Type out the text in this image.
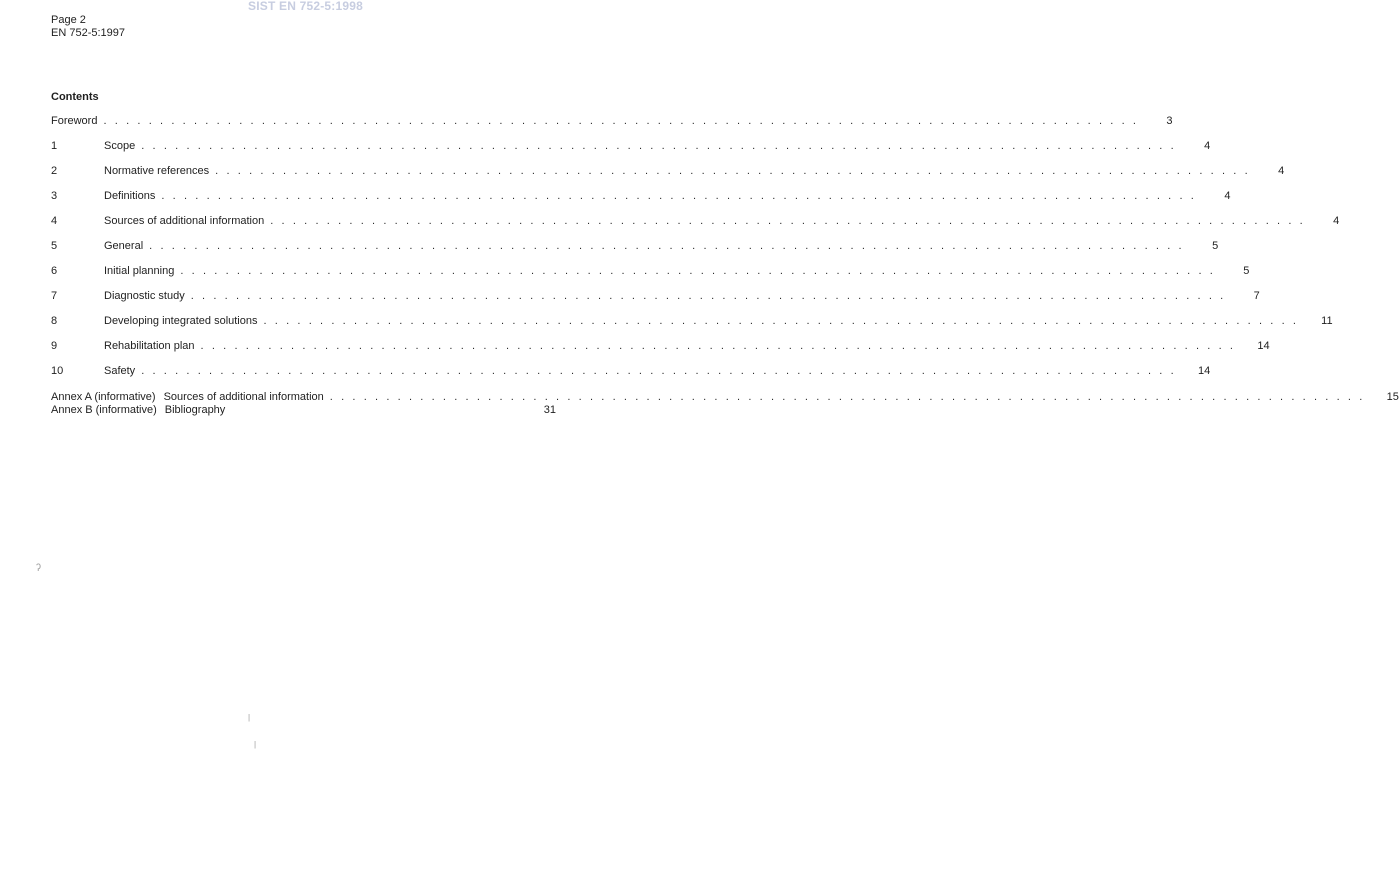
SIST EN 752-5:1998
Page 2
EN 752-5:1997
Contents
Foreword . . . . . . . . . . . . . . . . . . . . . . . . . . . . . . . . . . . . . . . . . . . . . . . . . . . . . . . . . . . . . . . . . . . . . . . . . . . . . . . . . . . . . . . . . . . .	3
1	Scope . . . . . . . . . . . . . . . . . . . . . . . . . . . . . . . . . . . . . . . . . . . . . . . . . . . . . . . . . . . . . . . . . . . . . . . . . . . . . . . . . . . . . . . . . . . .	4
2	Normative references . . . . . . . . . . . . . . . . . . . . . . . . . . . . . . . . . . . . . . . . . . . . . . . . . . . . . . . . . . . . . . . . . . . . . . . . . . . . . . . . . . . . . . . . . . . .	4
3	Definitions . . . . . . . . . . . . . . . . . . . . . . . . . . . . . . . . . . . . . . . . . . . . . . . . . . . . . . . . . . . . . . . . . . . . . . . . . . . . . . . . . . . . . . . . . . . .	4
4	Sources of additional information . . . . . . . . . . . . . . . . . . . . . . . . . . . . . . . . . . . . . . . . . . . . . . . . . . . . . . . . . . . . . . . . . . . . . . . . . . . . . . . . . . . . . . . . . . . .	4
5	General . . . . . . . . . . . . . . . . . . . . . . . . . . . . . . . . . . . . . . . . . . . . . . . . . . . . . . . . . . . . . . . . . . . . . . . . . . . . . . . . . . . . . . . . . . . .	5
6	Initial planning . . . . . . . . . . . . . . . . . . . . . . . . . . . . . . . . . . . . . . . . . . . . . . . . . . . . . . . . . . . . . . . . . . . . . . . . . . . . . . . . . . . . . . . . . . . .	5
7	Diagnostic study . . . . . . . . . . . . . . . . . . . . . . . . . . . . . . . . . . . . . . . . . . . . . . . . . . . . . . . . . . . . . . . . . . . . . . . . . . . . . . . . . . . . . . . . . . . .	7
8	Developing integrated solutions . . . . . . . . . . . . . . . . . . . . . . . . . . . . . . . . . . . . . . . . . . . . . . . . . . . . . . . . . . . . . . . . . . . . . . . . . . . . . . . . . . . . . . . . . . . .	11
9	Rehabilitation plan . . . . . . . . . . . . . . . . . . . . . . . . . . . . . . . . . . . . . . . . . . . . . . . . . . . . . . . . . . . . . . . . . . . . . . . . . . . . . . . . . . . . . . . . . . . .	14
10	Safety . . . . . . . . . . . . . . . . . . . . . . . . . . . . . . . . . . . . . . . . . . . . . . . . . . . . . . . . . . . . . . . . . . . . . . . . . . . . . . . . . . . . . . . . . . . .	14
Annex A (informative) Sources of additional information . . . . . . . . . . . . . . . . . . . . . . . . . . . . . . . . . . . . . . . . . . . . . . . . . . . . . . . . . . . . . . . . . . . . . . . . . . . . . . . . . . . . . . . . . . . .	15
Annex B (informative) Bibliography	31
ʔ
|
|
